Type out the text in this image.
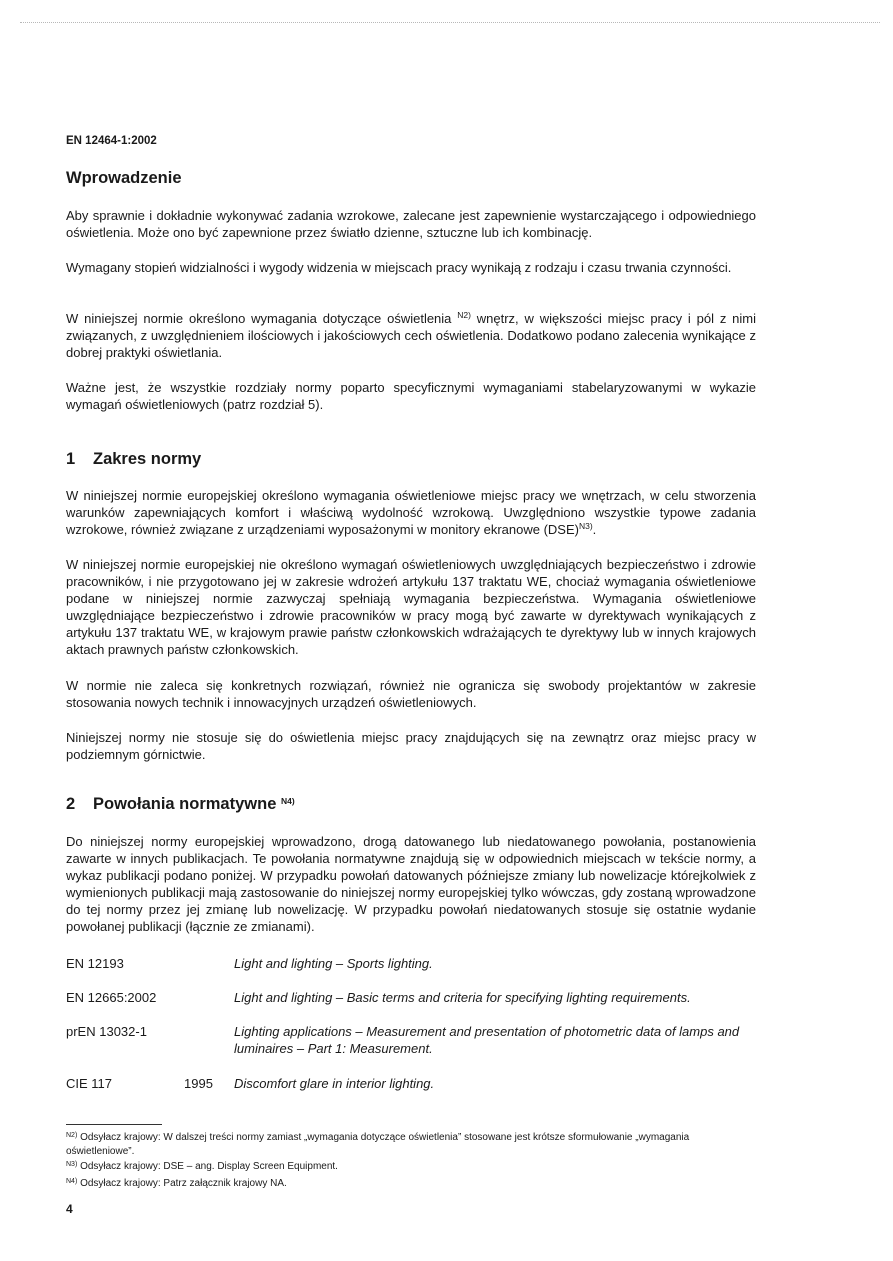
EN 12464-1:2002
Wprowadzenie

Aby sprawnie i dokładnie wykonywać zadania wzrokowe, zalecane jest zapewnienie wystarczającego i odpowiedniego oświetlenia. Może ono być zapewnione przez światło dzienne, sztuczne lub ich kombinację.

Wymagany stopień widzialności i wygody widzenia w miejscach pracy wynikają z rodzaju i czasu trwania czynności.

W niniejszej normie określono wymagania dotyczące oświetlenia $^{N2)}$ wnętrz, w większości miejsc pracy i pól z nimi związanych, z uwzględnieniem ilościowych i jakościowych cech oświetlenia. Dodatkowo podano zalecenia wynikające z dobrej praktyki oświetlania.

Ważne jest, że wszystkie rozdziały normy poparto specyficznymi wymaganiami stabelaryzowanymi w wykazie wymagań oświetleniowych (patrz rozdział 5).

1 Zakres normy

W niniejszej normie europejskiej określono wymagania oświetleniowe miejsc pracy we wnętrzach, w celu stworzenia warunków zapewniających komfort i właściwą wydolność wzrokową. Uwzględniono wszystkie typowe zadania wzrokowe, również związane z urządzeniami wyposażonymi w monitory ekranowe (DSE)$^{N3)}$.

W niniejszej normie europejskiej nie określono wymagań oświetleniowych uwzględniających bezpieczeństwo i zdrowie pracowników, i nie przygotowano jej w zakresie wdrożeń artykułu 137 traktatu WE, chociaż wymagania oświetleniowe podane w niniejszej normie zazwyczaj spełniają wymagania bezpieczeństwa. Wymagania oświetleniowe uwzględniające bezpieczeństwo i zdrowie pracowników w pracy mogą być zawarte w dyrektywach wynikających z artykułu 137 traktatu WE, w krajowym prawie państw członkowskich wdrażających te dyrektywy lub w innych krajowych aktach prawnych państw członkowskich.

W normie nie zaleca się konkretnych rozwiązań, również nie ogranicza się swobody projektantów w zakresie stosowania nowych technik i innowacyjnych urządzeń oświetleniowych.

Niniejszej normy nie stosuje się do oświetlenia miejsc pracy znajdujących się na zewnątrz oraz miejsc pracy w podziemnym górnictwie.

2 Powołania normatywne $^{N4)}$

Do niniejszej normy europejskiej wprowadzono, drogą datowanego lub niedatowanego powołania, postanowienia zawarte w innych publikacjach. Te powołania normatywne znajdują się w odpowiednich miejscach w tekście normy, a wykaz publikacji podano poniżej. W przypadku powołań datowanych późniejsze zmiany lub nowelizacje którejkolwiek z wymienionych publikacji mają zastosowanie do niniejszej normy europejskiej tylko wówczas, gdy zostaną wprowadzone do tej normy przez jej zmianę lub nowelizację. W przypadku powołań niedatowanych stosuje się ostatnie wydanie powołanej publikacji (łącznie ze zmianami).

EN 12193	Light and lighting – Sports lighting.
EN 12665:2002	Light and lighting – Basic terms and criteria for specifying lighting requirements.
prEN 13032-1	Lighting applications – Measurement and presentation of photometric data of lamps and luminaires – Part 1: Measurement.
CIE 117	1995 Discomfort glare in interior lighting.
$^{N2)}$ Odsyłacz krajowy: W dalszej treści normy zamiast „wymagania dotyczące oświetlenia” stosowane jest krótsze sformułowanie „wymagania oświetleniowe”.
$^{N3)}$ Odsyłacz krajowy: DSE – ang. Display Screen Equipment.
$^{N4)}$ Odsyłacz krajowy: Patrz załącznik krajowy NA.
4
